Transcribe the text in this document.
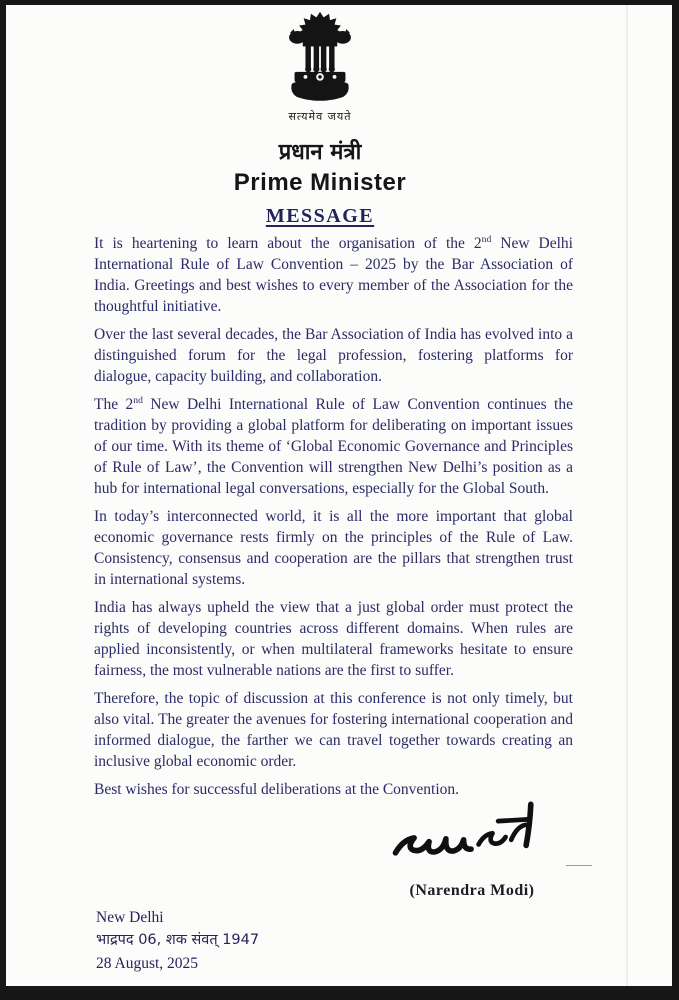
सत्यमेव जयते
प्रधान मंत्री
Prime Minister
MESSAGE

It is heartening to learn about the organisation of the 2nd New Delhi International Rule of Law Convention – 2025 by the Bar Association of India. Greetings and best wishes to every member of the Association for the thoughtful initiative.

Over the last several decades, the Bar Association of India has evolved into a distinguished forum for the legal profession, fostering platforms for dialogue, capacity building, and collaboration.

The 2nd New Delhi International Rule of Law Convention continues the tradition by providing a global platform for deliberating on important issues of our time. With its theme of ‘Global Economic Governance and Principles of Rule of Law’, the Convention will strengthen New Delhi’s position as a hub for international legal conversations, especially for the Global South.

In today’s interconnected world, it is all the more important that global economic governance rests firmly on the principles of the Rule of Law. Consistency, consensus and cooperation are the pillars that strengthen trust in international systems.

India has always upheld the view that a just global order must protect the rights of developing countries across different domains. When rules are applied inconsistently, or when multilateral frameworks hesitate to ensure fairness, the most vulnerable nations are the first to suffer.

Therefore, the topic of discussion at this conference is not only timely, but also vital. The greater the avenues for fostering international cooperation and informed dialogue, the farther we can travel together towards creating an inclusive global economic order.

Best wishes for successful deliberations at the Convention.

(Narendra Modi)
New Delhi
भाद्रपद 06, शक संवत् 1947
28 August, 2025
